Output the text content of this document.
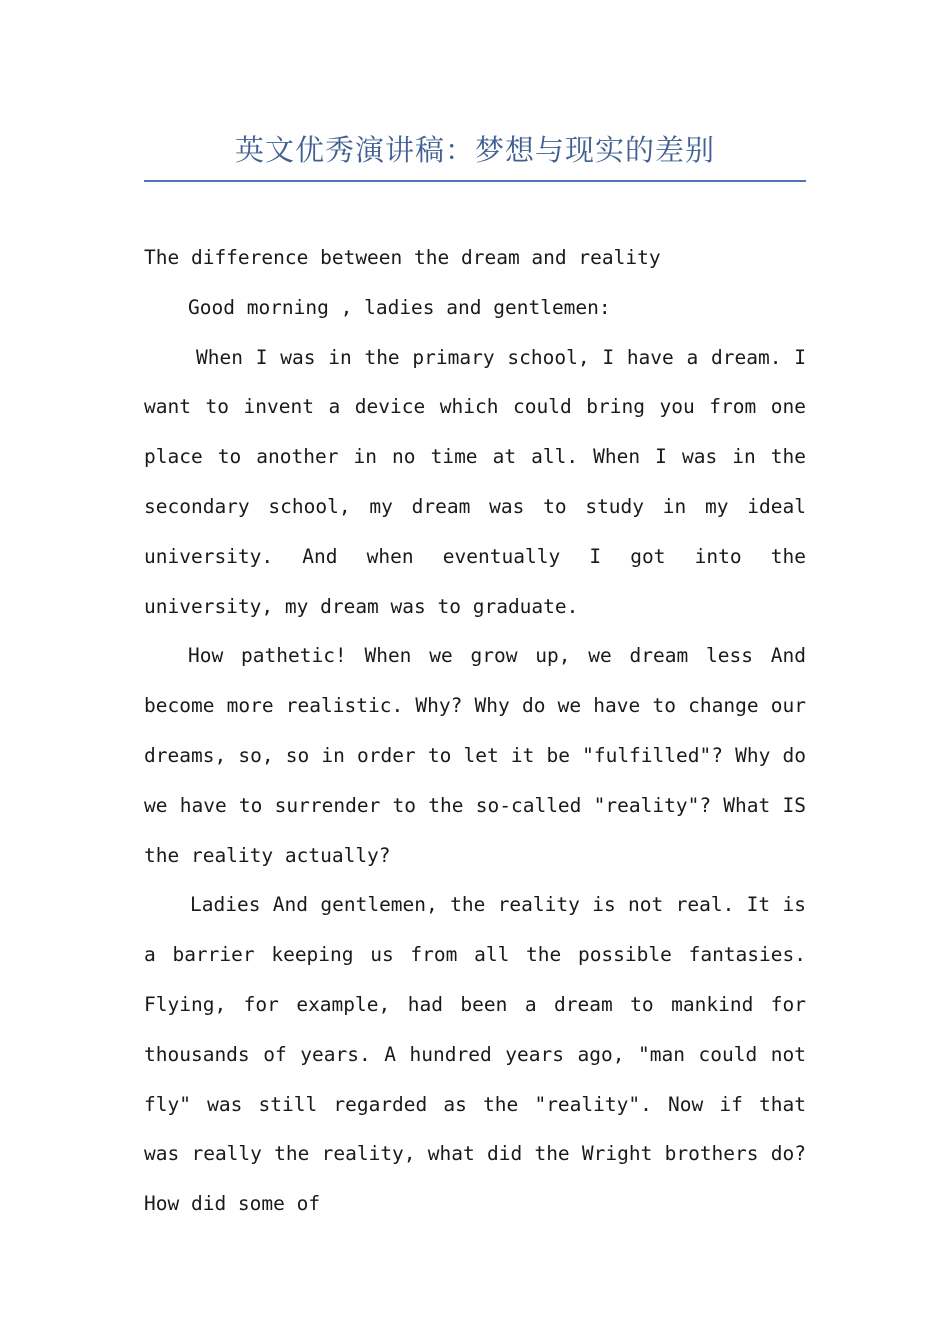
英文优秀演讲稿：梦想与现实的差别

The difference between the dream and reality

Good morning , ladies and gentlemen:

When I was in the primary school, I have a dream. I want to invent a device which could bring you from one place to another in no time at all. When I was in the secondary school, my dream was to study in my ideal university. And when eventually I got into the university, my dream was to graduate.

How pathetic! When we grow up, we dream less And become more realistic. Why? Why do we have to change our dreams, so, so in order to let it be "fulfilled"? Why do we have to surrender to the so-called "reality"? What IS the reality actually?

Ladies And gentlemen, the reality is not real. It is a barrier keeping us from all the possible fantasies. Flying, for example, had been a dream to mankind for thousands of years. A hundred years ago, "man could not fly" was still regarded as the "reality". Now if that was really the reality, what did the Wright brothers do? How did some of
